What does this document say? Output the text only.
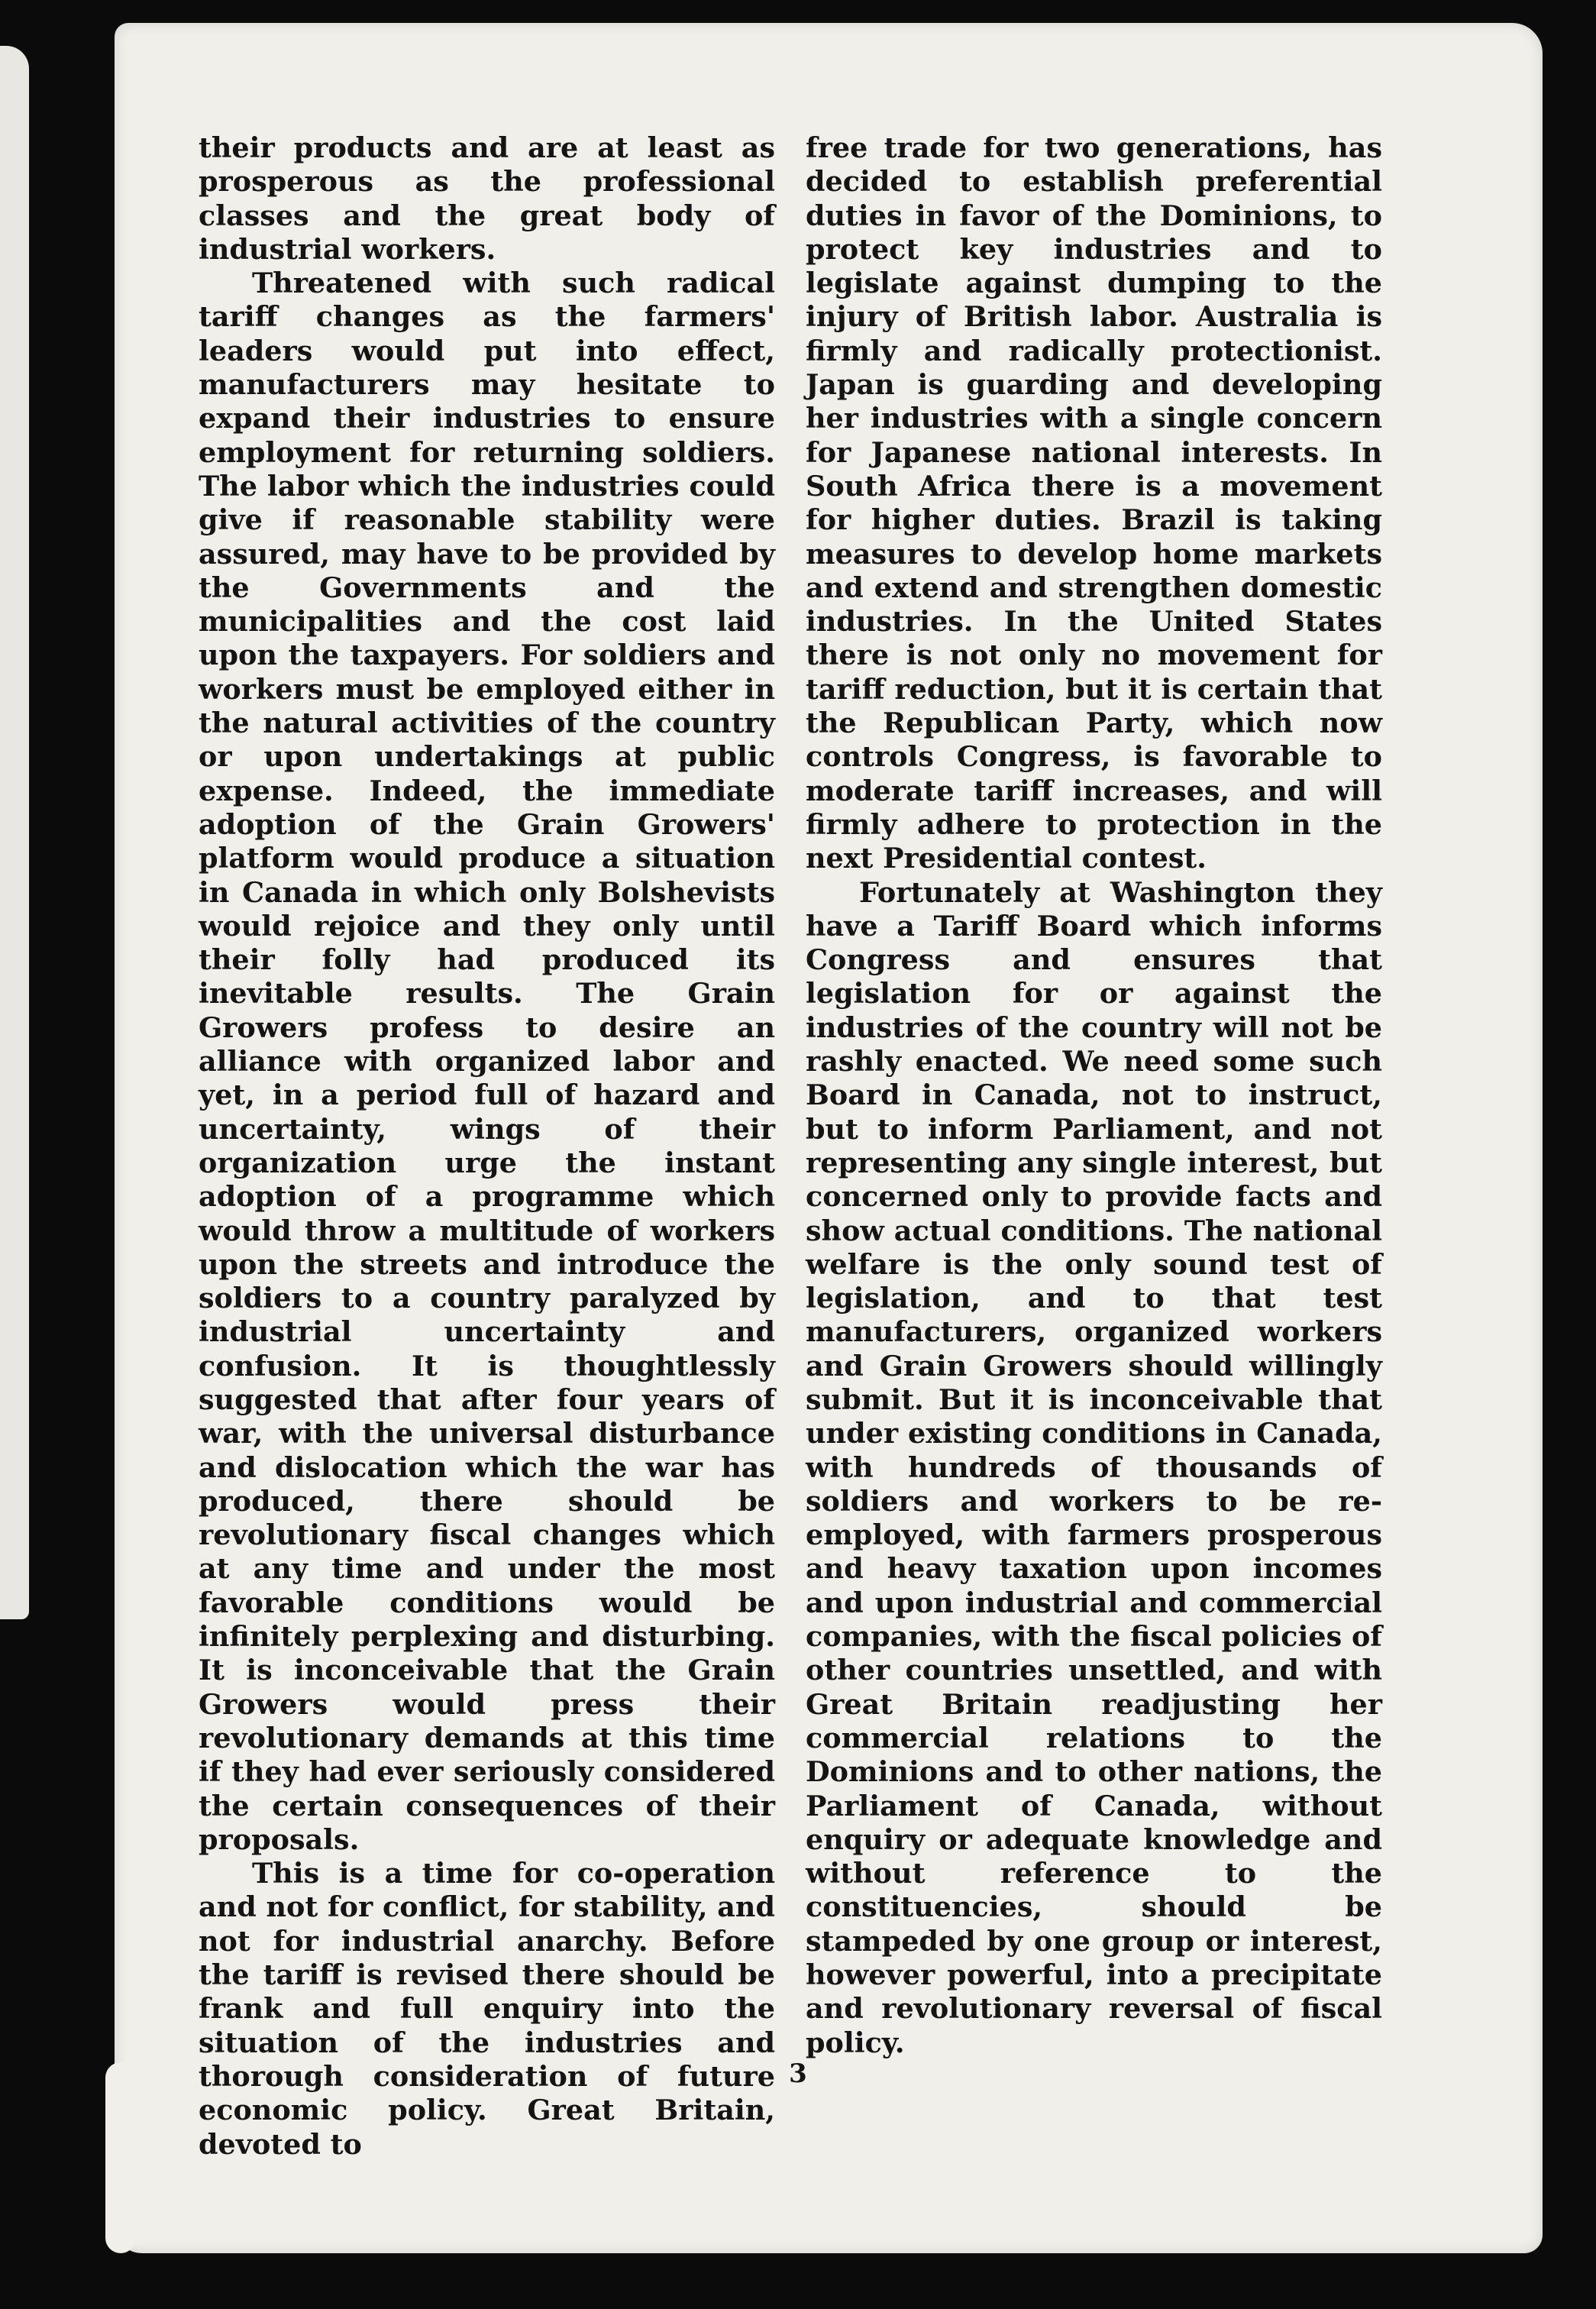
their products and are at least as prosperous as the professional classes and the great body of industrial workers.

Threatened with such radical tariff changes as the farmers' leaders would put into effect, manufacturers may hesitate to expand their industries to ensure employment for returning soldiers. The labor which the industries could give if reasonable stability were assured, may have to be provided by the Governments and the municipalities and the cost laid upon the taxpayers. For soldiers and workers must be employed either in the natural activities of the country or upon undertakings at public expense. Indeed, the immediate adoption of the Grain Growers' platform would produce a situation in Canada in which only Bolshevists would rejoice and they only until their folly had produced its inevitable results. The Grain Growers profess to desire an alliance with organized labor and yet, in a period full of hazard and uncertainty, wings of their organization urge the instant adoption of a programme which would throw a multitude of workers upon the streets and introduce the soldiers to a country paralyzed by industrial uncertainty and confusion. It is thoughtlessly suggested that after four years of war, with the universal disturbance and dislocation which the war has produced, there should be revolutionary fiscal changes which at any time and under the most favorable conditions would be infinitely perplexing and disturbing. It is inconceivable that the Grain Growers would press their revolutionary demands at this time if they had ever seriously considered the certain consequences of their proposals.

This is a time for co-operation and not for conflict, for stability, and not for industrial anarchy. Before the tariff is revised there should be frank and full enquiry into the situation of the industries and thorough consideration of future economic policy. Great Britain, devoted to

free trade for two generations, has decided to establish preferential duties in favor of the Dominions, to protect key industries and to legislate against dumping to the injury of British labor. Australia is firmly and radically protectionist. Japan is guarding and developing her industries with a single concern for Japanese national interests. In South Africa there is a movement for higher duties. Brazil is taking measures to develop home markets and extend and strengthen domestic industries. In the United States there is not only no movement for tariff reduction, but it is certain that the Republican Party, which now controls Congress, is favorable to moderate tariff increases, and will firmly adhere to protection in the next Presidential contest.

Fortunately at Washington they have a Tariff Board which informs Congress and ensures that legislation for or against the industries of the country will not be rashly enacted. We need some such Board in Canada, not to instruct, but to inform Parliament, and not representing any single interest, but concerned only to provide facts and show actual conditions. The national welfare is the only sound test of legislation, and to that test manufacturers, organized workers and Grain Growers should willingly submit. But it is inconceivable that under existing conditions in Canada, with hundreds of thousands of soldiers and workers to be re-employed, with farmers prosperous and heavy taxation upon incomes and upon industrial and commercial companies, with the fiscal policies of other countries unsettled, and with Great Britain readjusting her commercial relations to the Dominions and to other nations, the Parliament of Canada, without enquiry or adequate knowledge and without reference to the constituencies, should be stampeded by one group or interest, however powerful, into a precipitate and revolutionary reversal of fiscal policy.

3
